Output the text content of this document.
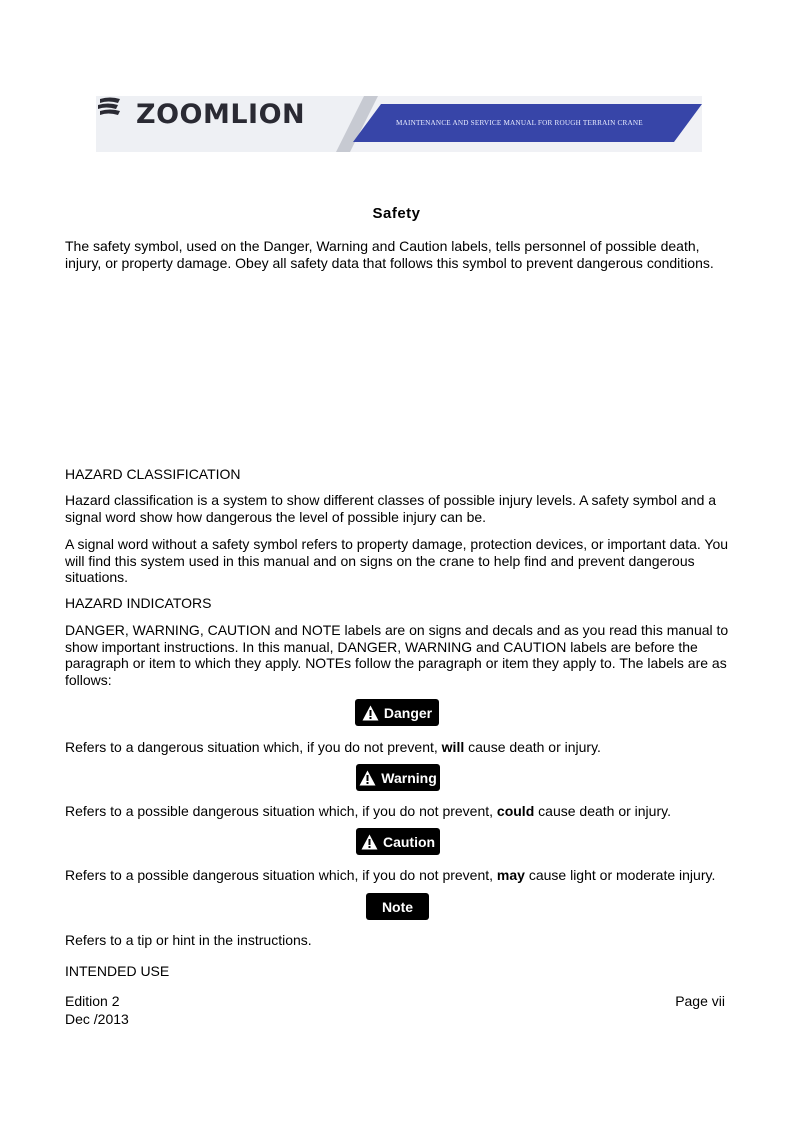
ZOOMLION	MAINTENANCE AND SERVICE MANUAL FOR ROUGH TERRAIN CRANE
Safety
The safety symbol, used on the Danger, Warning and Caution labels, tells personnel of possible death, injury, or property damage. Obey all safety data that follows this symbol to prevent dangerous conditions.
HAZARD CLASSIFICATION
Hazard classification is a system to show different classes of possible injury levels. A safety symbol and a signal word show how dangerous the level of possible injury can be.
A signal word without a safety symbol refers to property damage, protection devices, or important data. You will find this system used in this manual and on signs on the crane to help find and prevent dangerous situations.
HAZARD INDICATORS
DANGER, WARNING, CAUTION and NOTE labels are on signs and decals and as you read this manual to show important instructions. In this manual, DANGER, WARNING and CAUTION labels are before the paragraph or item to which they apply. NOTEs follow the paragraph or item they apply to. The labels are as follows:
Danger
Refers to a dangerous situation which, if you do not prevent, will cause death or injury.
Warning
Refers to a possible dangerous situation which, if you do not prevent, could cause death or injury.
Caution
Refers to a possible dangerous situation which, if you do not prevent, may cause light or moderate injury.
Note
Refers to a tip or hint in the instructions.
INTENDED USE
Edition 2
Dec /2013
Page vii
